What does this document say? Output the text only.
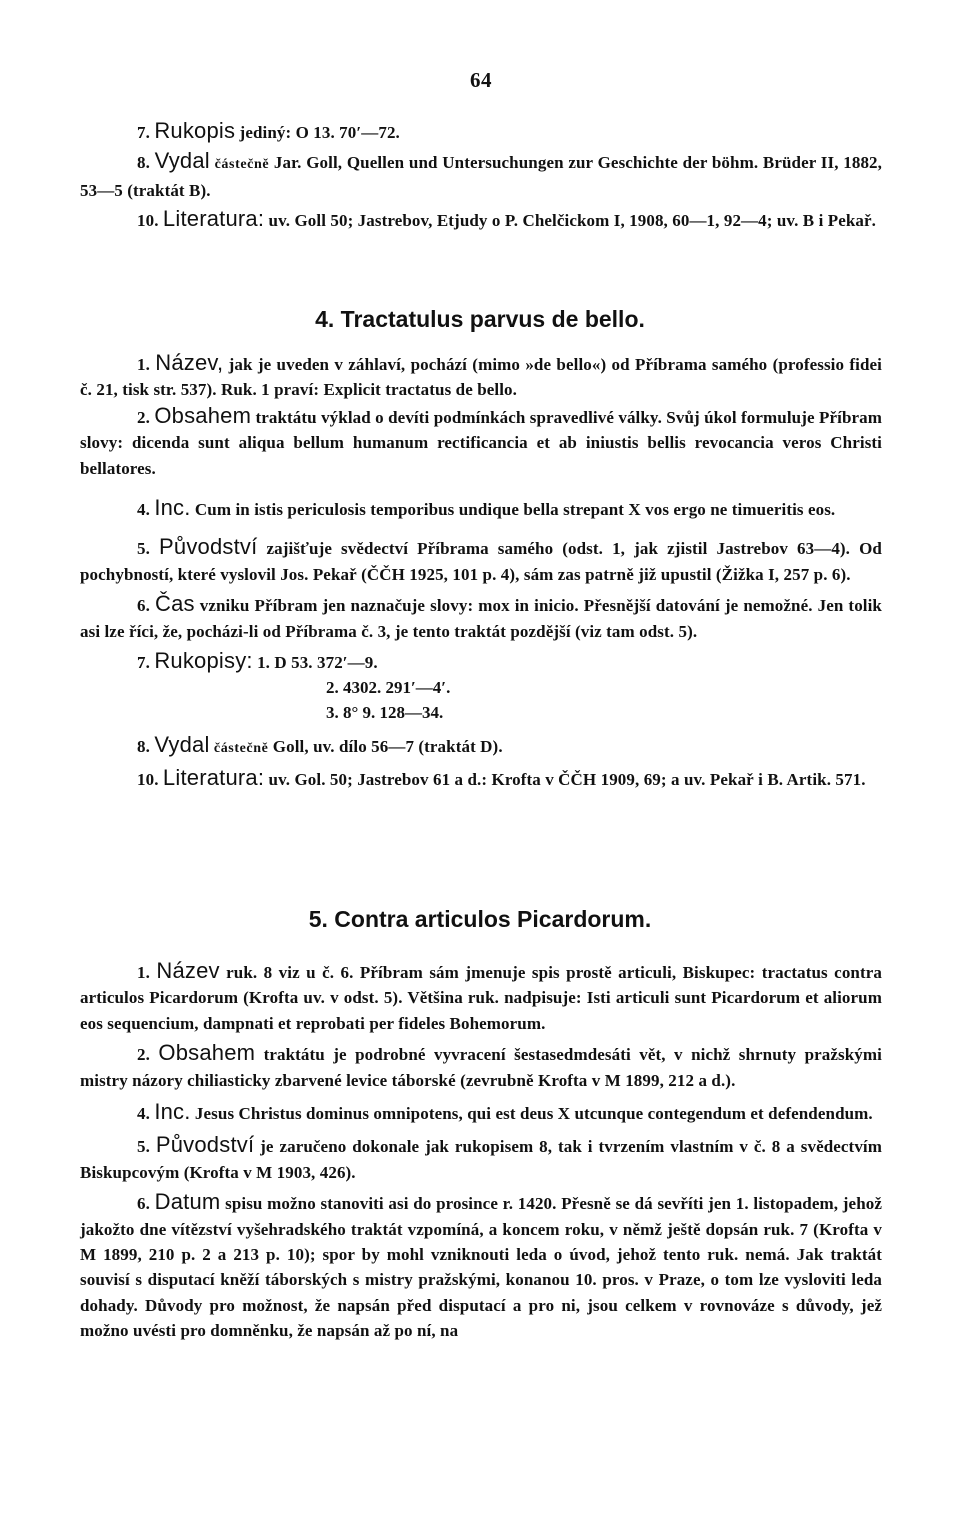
64

7. Rukopis jediný: O 13. 70′—72.

8. Vydal částečně Jar. Goll, Quellen und Untersuchungen zur Geschichte der böhm. Brüder II, 1882, 53—5 (traktát B).

10. Literatura: uv. Goll 50; Jastrebov, Etjudy o P. Chelčickom I, 1908, 60—1, 92—4; uv. B i Pekař.

4. Tractatulus parvus de bello.

1. Název, jak je uveden v záhlaví, pochází (mimo »de bello«) od Příbrama samého (professio fidei č. 21, tisk str. 537). Ruk. 1 praví: Explicit tractatus de bello.

2. Obsahem traktátu výklad o devíti podmínkách spravedlivé války. Svůj úkol formuluje Příbram slovy: dicenda sunt aliqua bellum humanum rectificancia et ab iniustis bellis revocancia veros Christi bellatores.

4. Inc. Cum in istis periculosis temporibus undique bella strepant X vos ergo ne timueritis eos.

5. Původství zajišťuje svědectví Příbrama samého (odst. 1, jak zjistil Jastrebov 63—4). Od pochybností, které vyslovil Jos. Pekař (ČČH 1925, 101 p. 4), sám zas patrně již upustil (Žižka I, 257 p. 6).

6. Čas vzniku Příbram jen naznačuje slovy: mox in inicio. Přesnější datování je nemožné. Jen tolik asi lze říci, že, pocházi-li od Příbrama č. 3, je tento traktát pozdější (viz tam odst. 5).

7. Rukopisy: 1. D 53. 372′—9.

2. 4302. 291′—4′.
3. 8° 9. 128—34.

8. Vydal částečně Goll, uv. dílo 56—7 (traktát D).

10. Literatura: uv. Gol. 50; Jastrebov 61 a d.: Krofta v ČČH 1909, 69; a uv. Pekař i B. Artik. 571.

5. Contra articulos Picardorum.

1. Název ruk. 8 viz u č. 6. Příbram sám jmenuje spis prostě articuli, Biskupec: tractatus contra articulos Picardorum (Krofta uv. v odst. 5). Většina ruk. nadpisuje: Isti articuli sunt Picardorum et aliorum eos sequencium, dampnati et reprobati per fideles Bohemorum.

2. Obsahem traktátu je podrobné vyvracení šestasedmdesáti vět, v nichž shrnuty pražskými mistry názory chiliasticky zbarvené levice táborské (zevrubně Krofta v M 1899, 212 a d.).

4. Inc. Jesus Christus dominus omnipotens, qui est deus X utcunque contegendum et defendendum.

5. Původství je zaručeno dokonale jak rukopisem 8, tak i tvrzením vlastním v č. 8 a svědectvím Biskupcovým (Krofta v M 1903, 426).

6. Datum spisu možno stanoviti asi do prosince r. 1420. Přesně se dá sevříti jen 1. listopadem, jehož jakožto dne vítězství vyšehradského traktát vzpomíná, a koncem roku, v němž ještě dopsán ruk. 7 (Krofta v M 1899, 210 p. 2 a 213 p. 10); spor by mohl vzniknouti leda o úvod, jehož tento ruk. nemá. Jak traktát souvisí s disputací kněží táborských s mistry pražskými, konanou 10. pros. v Praze, o tom lze vysloviti leda dohady. Důvody pro možnost, že napsán před disputací a pro ni, jsou celkem v rovnováze s důvody, jež možno uvésti pro domněnku, že napsán až po ní, na
